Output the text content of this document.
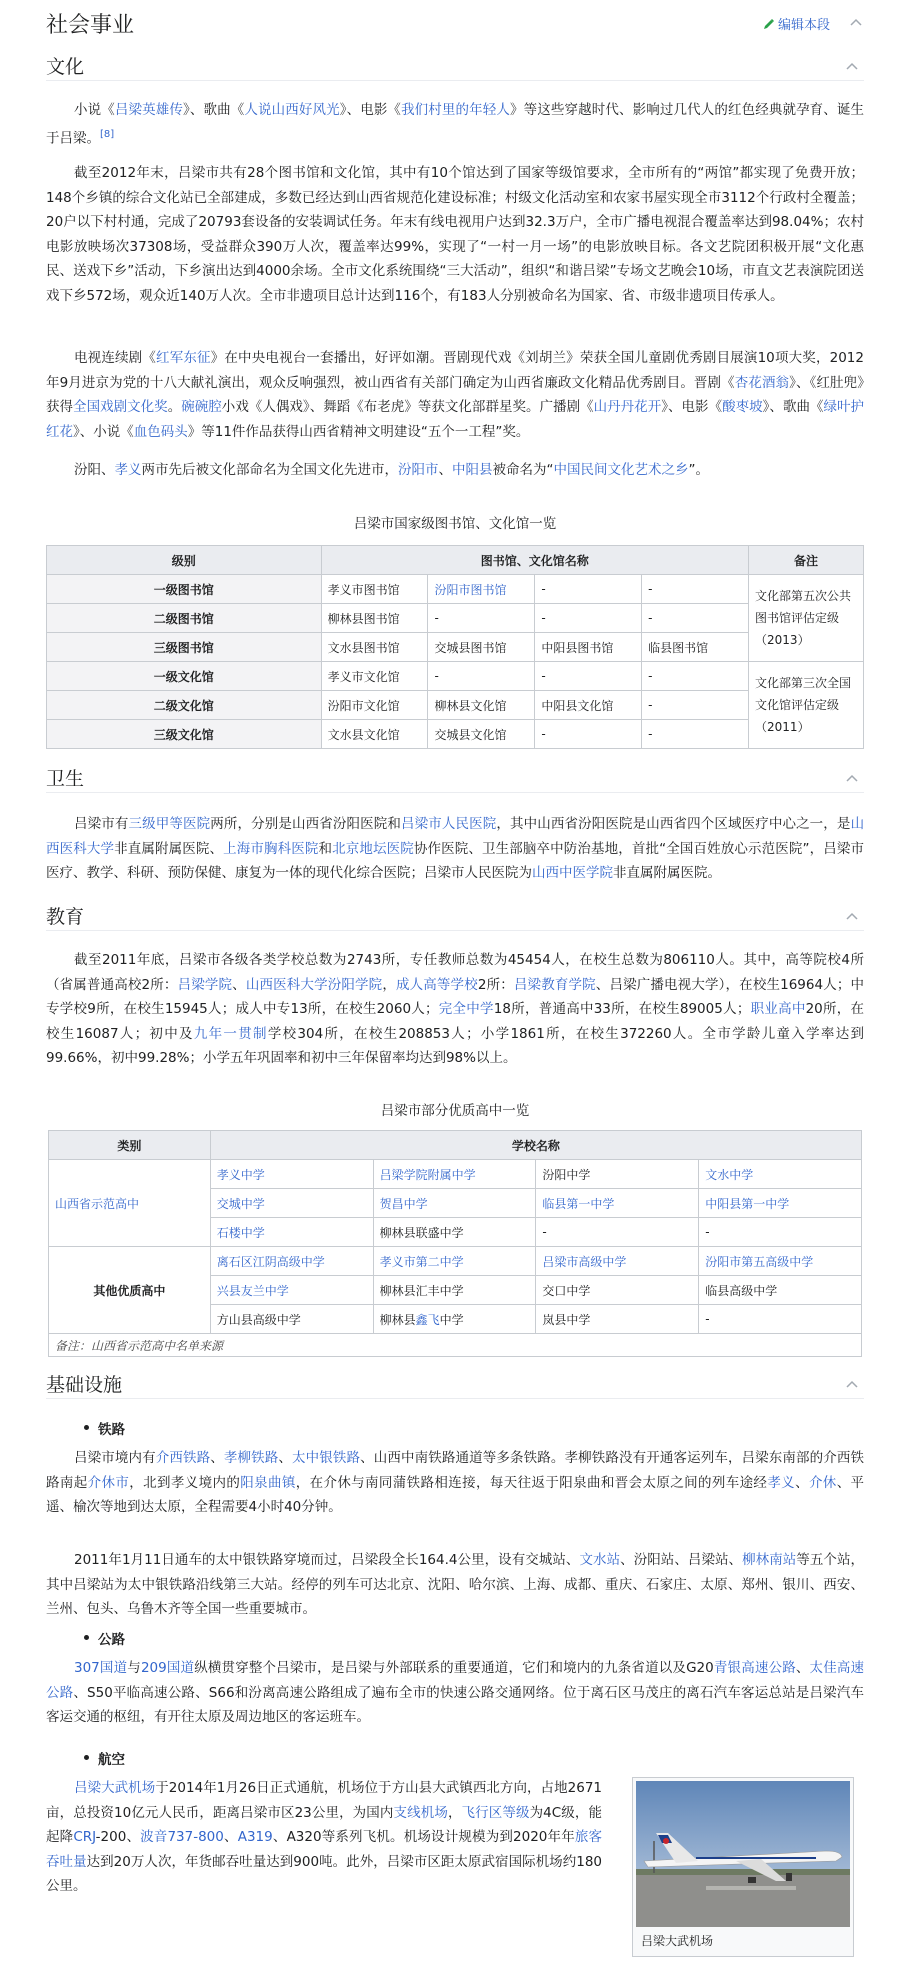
社会事业	编辑本段
文化

小说《吕梁英雄传》、歌曲《人说山西好风光》、电影《我们村里的年轻人》等这些穿越时代、影响过几代人的红色经典就孕育、诞生于吕梁。[8]

截至2012年末，吕梁市共有28个图书馆和文化馆，其中有10个馆达到了国家等级馆要求，全市所有的“两馆”都实现了免费开放；148个乡镇的综合文化站已全部建成，多数已经达到山西省规范化建设标准；村级文化活动室和农家书屋实现全市3112个行政村全覆盖；20户以下村村通，完成了20793套设备的安装调试任务。年末有线电视用户达到32.3万户，全市广播电视混合覆盖率达到98.04%；农村电影放映场次37308场，受益群众390万人次，覆盖率达99%，实现了“一村一月一场”的电影放映目标。各文艺院团积极开展“文化惠民、送戏下乡”活动，下乡演出达到4000余场。全市文化系统围绕“三大活动”，组织“和谐吕梁”专场文艺晚会10场，市直文艺表演院团送戏下乡572场，观众近140万人次。全市非遗项目总计达到116个，有183人分别被命名为国家、省、市级非遗项目传承人。

电视连续剧《红军东征》在中央电视台一套播出，好评如潮。晋剧现代戏《刘胡兰》荣获全国儿童剧优秀剧目展演10项大奖，2012年9月进京为党的十八大献礼演出，观众反响强烈，被山西省有关部门确定为山西省廉政文化精品优秀剧目。晋剧《杏花酒翁》、《红肚兜》获得全国戏剧文化奖。碗碗腔小戏《人偶戏》、舞蹈《布老虎》等获文化部群星奖。广播剧《山丹丹花开》、电影《酸枣坡》、歌曲《绿叶护红花》、小说《血色码头》等11件作品获得山西省精神文明建设“五个一工程”奖。

汾阳、孝义两市先后被文化部命名为全国文化先进市，汾阳市、中阳县被命名为“中国民间文化艺术之乡”。

吕梁市国家级图书馆、文化馆一览
级别	图书馆、文化馆名称				备注
一级图书馆	孝义市图书馆	汾阳市图书馆	-	-	文化部第五次公共图书馆评估定级（2013）
二级图书馆	柳林县图书馆	-	-	-	
三级图书馆	文水县图书馆	交城县图书馆	中阳县图书馆	临县图书馆	
一级文化馆	孝义市文化馆	-	-	-	文化部第三次全国文化馆评估定级（2011）
二级文化馆	汾阳市文化馆	柳林县文化馆	中阳县文化馆	-	
三级文化馆	文水县文化馆	交城县文化馆	-	-	
卫生

吕梁市有三级甲等医院两所，分别是山西省汾阳医院和吕梁市人民医院，其中山西省汾阳医院是山西省四个区域医疗中心之一，是山西医科大学非直属附属医院、上海市胸科医院和北京地坛医院协作医院、卫生部脑卒中防治基地，首批“全国百姓放心示范医院”，吕梁市医疗、教学、科研、预防保健、康复为一体的现代化综合医院；吕梁市人民医院为山西中医学院非直属附属医院。

教育

截至2011年底，吕梁市各级各类学校总数为2743所，专任教师总数为45454人，在校生总数为806110人。其中，高等院校4所（省属普通高校2所：吕梁学院、山西医科大学汾阳学院，成人高等学校2所：吕梁教育学院、吕梁广播电视大学），在校生16964人；中专学校9所，在校生15945人；成人中专13所，在校生2060人；完全中学18所，普通高中33所，在校生89005人；职业高中20所，在校生16087人；初中及九年一贯制学校304所，在校生208853人；小学1861所，在校生372260人。全市学龄儿童入学率达到99.66%，初中99.28%；小学五年巩固率和初中三年保留率均达到98%以上。

吕梁市部分优质高中一览
类别	学校名称			
山西省示范高中	孝义中学	吕梁学院附属中学	汾阳中学	文水中学
	交城中学	贺昌中学	临县第一中学	中阳县第一中学
	石楼中学	柳林县联盛中学	-	-
其他优质高中	离石区江阴高级中学	孝义市第二中学	吕梁市高级中学	汾阳市第五高级中学
	兴县友兰中学	柳林县汇丰中学	交口中学	临县高级中学
	方山县高级中学	柳林县鑫飞中学	岚县中学	-
备注：山西省示范高中名单来源				
基础设施
铁路

吕梁市境内有介西铁路、孝柳铁路、太中银铁路、山西中南铁路通道等多条铁路。孝柳铁路没有开通客运列车，吕梁东南部的介西铁路南起介休市，北到孝义境内的阳泉曲镇，在介休与南同蒲铁路相连接，每天往返于阳泉曲和晋会太原之间的列车途经孝义、介休、平遥、榆次等地到达太原，全程需要4小时40分钟。

2011年1月11日通车的太中银铁路穿境而过，吕梁段全长164.4公里，设有交城站、文水站、汾阳站、吕梁站、柳林南站等五个站，其中吕梁站为太中银铁路沿线第三大站。经停的列车可达北京、沈阳、哈尔滨、上海、成都、重庆、石家庄、太原、郑州、银川、西安、兰州、包头、乌鲁木齐等全国一些重要城市。

公路

307国道与209国道纵横贯穿整个吕梁市，是吕梁与外部联系的重要通道，它们和境内的九条省道以及G20青银高速公路、太佳高速公路、S50平临高速公路、S66和汾离高速公路组成了遍布全市的快速公路交通网络。位于离石区马茂庄的离石汽车客运总站是吕梁汽车客运交通的枢纽，有开往太原及周边地区的客运班车。

航空

吕梁大武机场于2014年1月26日正式通航，机场位于方山县大武镇西北方向，占地2671亩，总投资10亿元人民币，距离吕梁市区23公里，为国内支线机场，飞行区等级为4C级，能起降CRJ-200、波音737-800、A319、A320等系列飞机。机场设计规模为到2020年年旅客吞吐量达到20万人次，年货邮吞吐量达到900吨。此外，吕梁市区距太原武宿国际机场约180公里。

吕梁大武机场
